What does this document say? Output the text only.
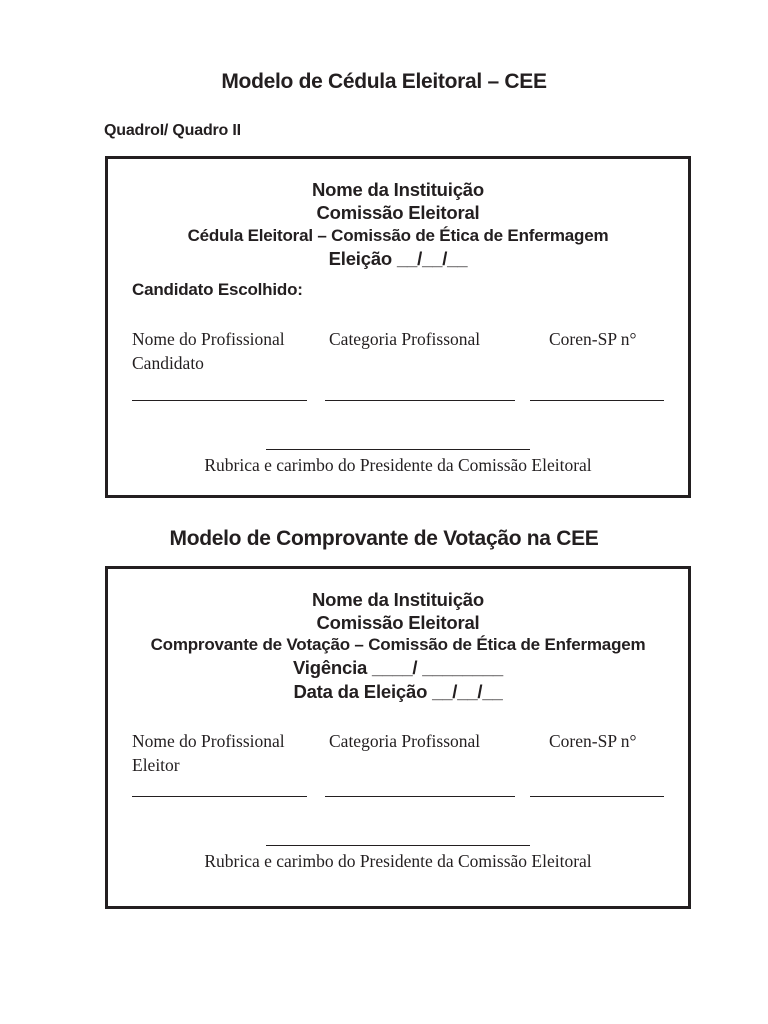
Modelo de Cédula Eleitoral – CEE

QuadroI/ Quadro II

Nome da Instituição
Comissão Eleitoral
Cédula Eleitoral – Comissão de Ética de Enfermagem
Eleição __/__/__

Candidato Escolhido:

Nome do Profissional
Candidato
Categoria Profissonal	Coren-SP n°
Rubrica e carimbo do Presidente da Comissão Eleitoral
Modelo de Comprovante de Votação na CEE
Nome da Instituição
Comissão Eleitoral
Comprovante de Votação – Comissão de Ética de Enfermagem
Vigência ____/ ________
Data da Eleição __/__/__
Nome do Profissional
Eleitor
Categoria Profissonal	Coren-SP n°
Rubrica e carimbo do Presidente da Comissão Eleitoral
